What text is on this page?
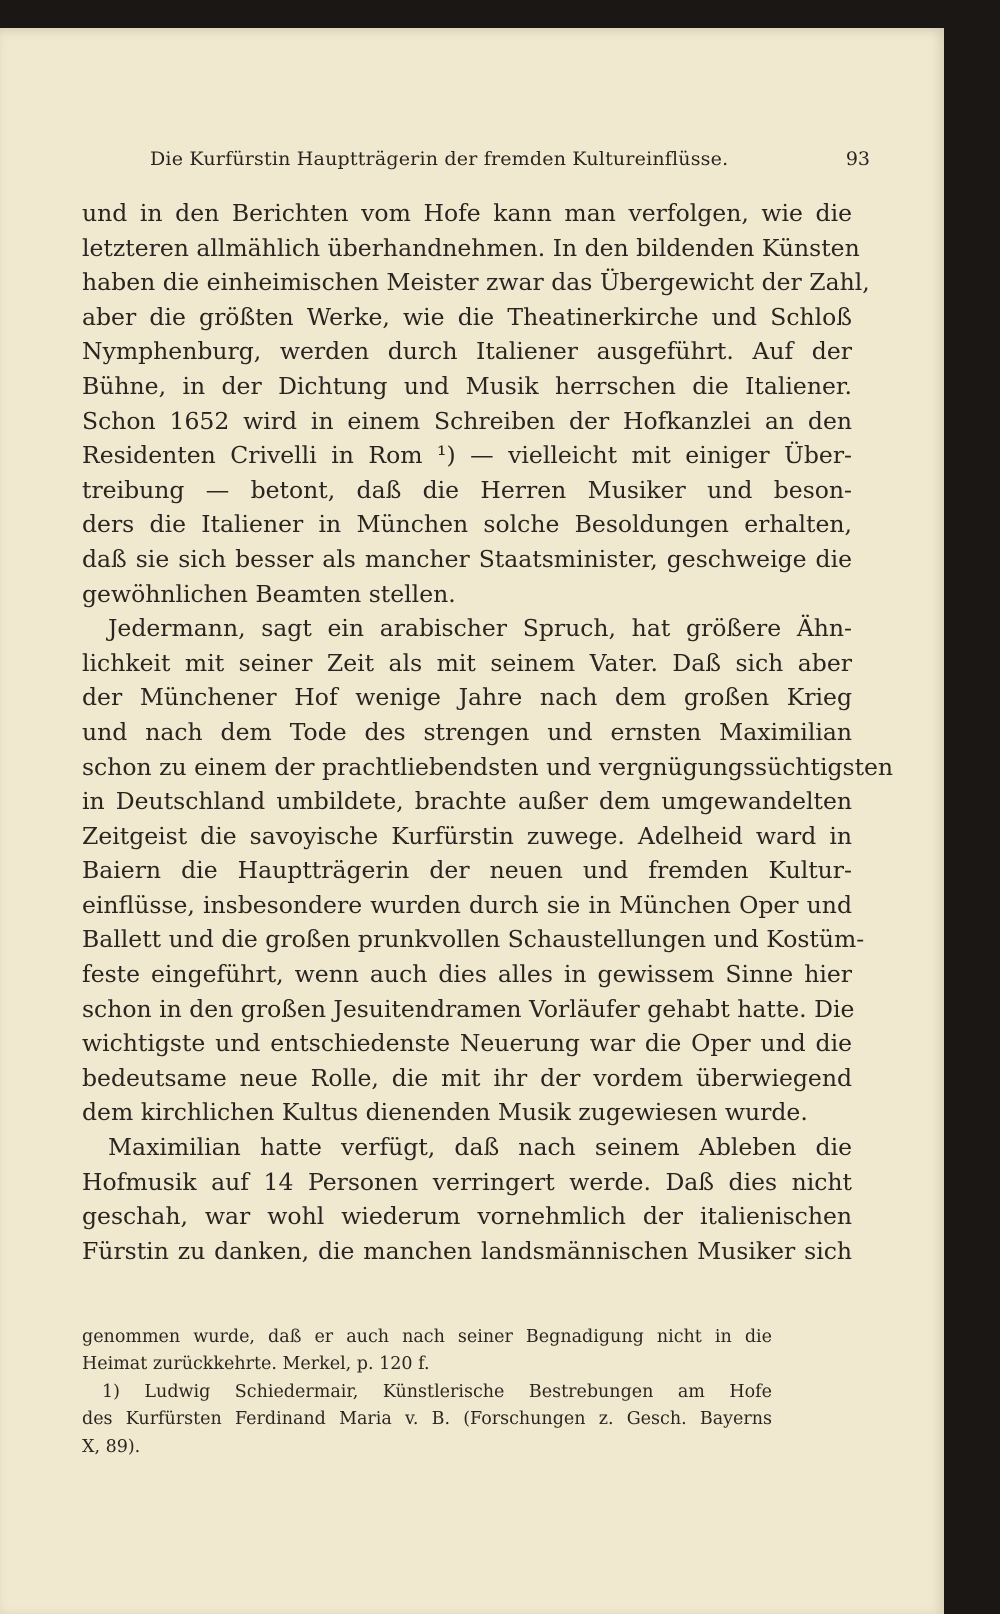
Die Kurfürstin Hauptträgerin der fremden Kultureinflüsse.	93
und in den Berichten vom Hofe kann man verfolgen, wie die
letzteren allmählich überhandnehmen. In den bildenden Künsten
haben die einheimischen Meister zwar das Übergewicht der Zahl,
aber die größten Werke, wie die Theatinerkirche und Schloß
Nymphenburg, werden durch Italiener ausgeführt. Auf der
Bühne, in der Dichtung und Musik herrschen die Italiener.
Schon 1652 wird in einem Schreiben der Hofkanzlei an den
Residenten Crivelli in Rom ¹) — vielleicht mit einiger Über-
treibung — betont, daß die Herren Musiker und beson-
ders die Italiener in München solche Besoldungen erhalten,
daß sie sich besser als mancher Staatsminister, geschweige die
gewöhnlichen Beamten stellen.
Jedermann, sagt ein arabischer Spruch, hat größere Ähn-
lichkeit mit seiner Zeit als mit seinem Vater. Daß sich aber
der Münchener Hof wenige Jahre nach dem großen Krieg
und nach dem Tode des strengen und ernsten Maximilian
schon zu einem der prachtliebendsten und vergnügungssüchtigsten
in Deutschland umbildete, brachte außer dem umgewandelten
Zeitgeist die savoyische Kurfürstin zuwege. Adelheid ward in
Baiern die Hauptträgerin der neuen und fremden Kultur-
einflüsse, insbesondere wurden durch sie in München Oper und
Ballett und die großen prunkvollen Schaustellungen und Kostüm-
feste eingeführt, wenn auch dies alles in gewissem Sinne hier
schon in den großen Jesuitendramen Vorläufer gehabt hatte. Die
wichtigste und entschiedenste Neuerung war die Oper und die
bedeutsame neue Rolle, die mit ihr der vordem überwiegend
dem kirchlichen Kultus dienenden Musik zugewiesen wurde.
Maximilian hatte verfügt, daß nach seinem Ableben die
Hofmusik auf 14 Personen verringert werde. Daß dies nicht
geschah, war wohl wiederum vornehmlich der italienischen
Fürstin zu danken, die manchen landsmännischen Musiker sich
genommen wurde, daß er auch nach seiner Begnadigung nicht in die
Heimat zurückkehrte. Merkel, p. 120 f.
1) Ludwig Schiedermair, Künstlerische Bestrebungen am Hofe
des Kurfürsten Ferdinand Maria v. B. (Forschungen z. Gesch. Bayerns
X, 89).
